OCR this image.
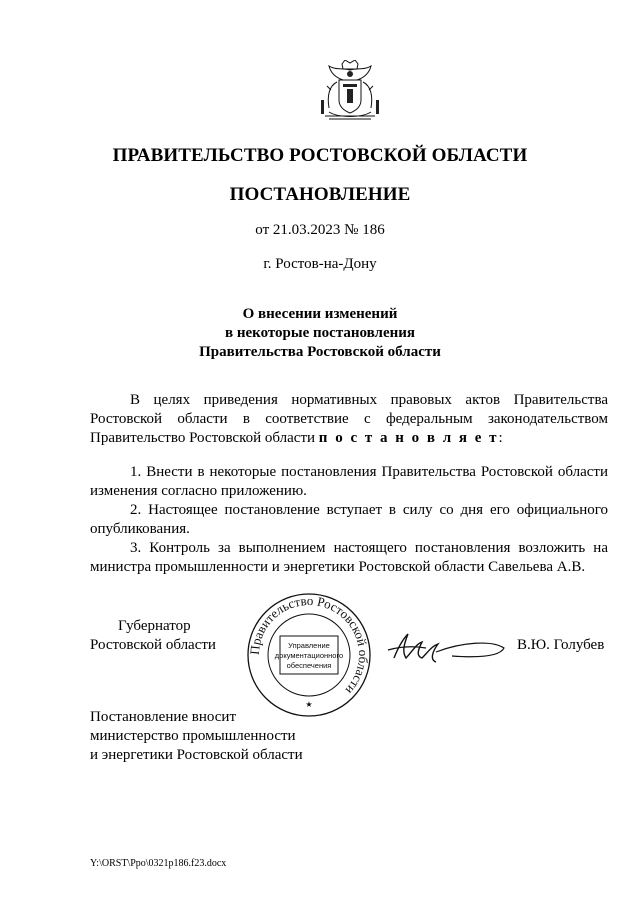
ПРАВИТЕЛЬСТВО РОСТОВСКОЙ ОБЛАСТИ
ПОСТАНОВЛЕНИЕ
от 21.03.2023 № 186
г. Ростов-на-Дону
О внесении изменений
в некоторые постановления
Правительства Ростовской области

В целях приведения нормативных правовых актов Правительства Ростовской области в соответствие с федеральным законодательством Правительство Ростовской области п о с т а н о в л я е т:

1. Внести в некоторые постановления Правительства Ростовской области изменения согласно приложению.

2. Настоящее постановление вступает в силу со дня его официального опубликования.

3. Контроль за выполнением настоящего постановления возложить на министра промышленности и энергетики Ростовской области Савельева А.В.

Губернатор
Ростовской области	В.Ю. Голубев
Правительство Ростовской области
Управление
документационного
обеспечения
★
Постановление вносит
министерство промышленности
и энергетики Ростовской области
Y:\ORST\Ppo\0321p186.f23.docx
